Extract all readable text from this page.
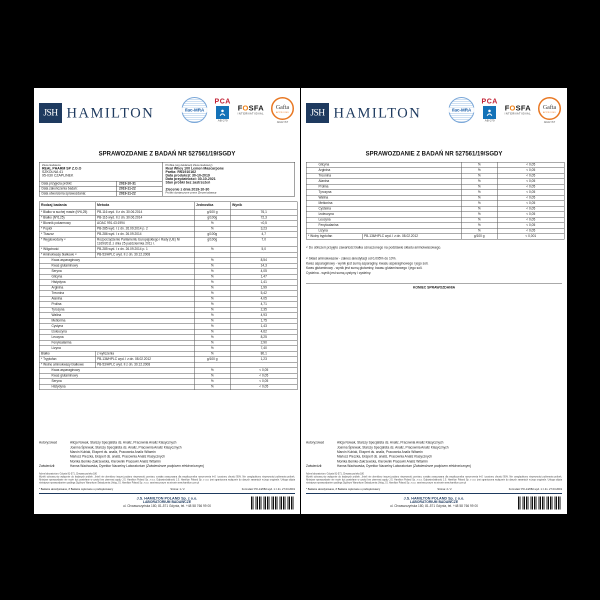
JSH HAMILTON	ilac-MRA
PCA
AB 079
FOSFA
INTERNATIONAL
Gafta
APPROVED
ANALYST
SPRAWOZDANIE Z BADAŃ NR 527561/19/SGDY
Zleceniodawca
REAL PHARM SP Z.O.O
SZKOLNA 41
95-030 CZAPLINEK
Data przyjęcia próbki:	2019-10-31
Data zakończenia badań:	2019-11-22
Data utworzenia sprawozdania:	2019-11-22
Próbka (wg deklaracji Zleceniodawcy)
Real Whey 100 Lemon Mascarpone
Partia: RN1910162
Data produkcji: 30-10-2019
Data przydatności: 30-10-2021
Stan próbki bez zastrzeżeń
Zlecenie z dnia 2019-10-30
Próbki dostarczone przez Zleceniodawcę
Rodzaj badania	Metoda	Jednostka	Wynik
* Białko w suchej masie (N*6,25)	PB-116 wyd. II z dn. 30.06.2014	g/100 g	76,1
* Białko (N*6,25)	PB-116 wyd. II z dn. 30.06.2014	g/100g	72,3
* Błonnik pokarmowy	AOAC 991.43:1994	%	<0,5
* Popiół	PB-285 wyd. I z dn. 26.09.2014 p. 2	%	3,23
* Tłuszcz	PB-286 wyd. I z dn. 26.09.2014	g/100g	4,7
* Węglowodany ¹⁾	Rozporządzenie Parlamentu Europejskiego i Rady (UE) Nr 1169/2011 z dnia 25 października 2011 r.	g/100g	7,0
* Wilgotność	PB-285 wyd. I z dn. 26.09.2014 p. 1	%	5,0
* Aminokwasy białkowe ²⁾	PB-53/HPLC wyd. II z dn. 30.12.2008		
Kwas asparaginowy		%	8,54
Kwas glutaminowy		%	14,3
Seryna		%	4,05
Glicyna		%	1,47
Histydyna		%	1,41
Arginina		%	1,99
Treonina		%	5,42
Alanina		%	4,05
Prolina		%	4,71
Tyrozyna		%	2,35
Walina		%	4,93
Metionina		%	1,75
Cystyna		%	1,43
Izoleucyna		%	4,62
Leucyna		%	8,25
Fenyloalanina		%	2,90
Lizyna		%	7,40
Białko	z wyliczenia	%	80,1
* Tryptofan	PB-136/HPLC wyd. I z dn. 08.02.2012	g/100 g	1,23
* Wolne aminokwasy białkowe	PB-53/HPLC wyd. II z dn. 30.12.2008		
Kwas asparaginowy		%	< 0,05
Kwas glutaminowy		%	< 0,05
Seryna		%	< 0,05
Histydyna		%	< 0,05
Autoryzował:	Alicja Nowak, Starszy Specjalista ds. Analiz, Pracownia Analiz Klasycznych
Joanna Śpiewak, Starszy Specjalista ds. Analiz, Pracownia Analiz Klasycznych
Marcin Kubiak, Ekspert ds. analiz, Pracownia Analiz Witamin
Mariusz Pieczka, Ekspert ds. analiz, Pracownia Analiz Klasycznych
Monika Bemke-Zakrzewska, Kierownik Pracowni Analiz Witamin
Zatwierdził:	Hanna Wachowska, Dyrektor Naczelny Laboratorium (Zatwierdzone podpisem elektronicznym)
Adres laboratorium: Gdynia 81-571, Chwaszczyńska 180
Wyniki odnoszą się wyłącznie do badanych próbek. Jeżeli nie określono inaczej podano niepewność pomiaru; została oszacowana dla współczynnika rozszerzenia k=2 i poziomu ufności 95%. Nie uwzględniono niepewności pobierania próbek. Niniejsze sprawozdanie nie może być powielane w części bez pisemnej zgody J.S. Hamilton Poland Sp. z o.o. Odpowiedzialność J.S. Hamilton Poland Sp. z o.o. jest ograniczona wyłącznie do danych zawartych w jego oryginale. Usługa objęta niniejszym sprawozdaniem podlega Ogólnym Warunkom Świadczenia Usług J.S. Hamilton Poland Sp. z o.o. zamieszczonym na stronie www.hamilton.com.pl
* Badanie akredytowane, # Badanie wykonane u podwykonawcy	Strona: 1 / 2	Formularz PO-14/08d wyd. 1 z dn. 27.03.2019
J.S. HAMILTON POLAND Sp. z o.o.
LABORATORIUM BADAWCZE
ul. Chwaszczyńska 180, 81-571 Gdynia, tel. +48 58 766 99 00
JSH HAMILTON	ilac-MRA
PCA
AB 079
FOSFA
INTERNATIONAL
Gafta
APPROVED
ANALYST
SPRAWOZDANIE Z BADAŃ NR 527561/19/SGDY
Glicyna		%	< 0,05
Arginina		%	< 0,05
Treonina		%	< 0,05
Alanina		%	< 0,05
Prolina		%	< 0,05
Tyrozyna		%	< 0,05
Walina		%	< 0,05
Metionina		%	< 0,05
Cysteina		%	< 0,05
Izoleucyna		%	< 0,05
Leucyna		%	< 0,05
Fenyloalanina		%	< 0,05
Lizyna		%	< 0,05
* Wolny tryptofan	PB-136/HPLC wyd. I z dn. 08.02.2012	g/100 g	< 0,001
¹⁾ Do obliczeń przyjęto zawartość białka oznaczonego na podstawie składu aminokwasowego.
²⁾ Skład aminokwasów - zakres akredytacji od 0,095% do 10%.
Kwas asparaginowy - wynik jest sumą asparaginy, kwasu asparaginowego i jego soli.
Kwas glutaminowy - wynik jest sumą glutaminy, kwasu glutaminowego i jego soli.
Cysteina - wynik jest sumą cystyny i cysteiny.
KONIEC SPRAWOZDANIA
Autoryzował:	Alicja Nowak, Starszy Specjalista ds. Analiz, Pracownia Analiz Klasycznych
Joanna Śpiewak, Starszy Specjalista ds. Analiz, Pracownia Analiz Klasycznych
Marcin Kubiak, Ekspert ds. analiz, Pracownia Analiz Witamin
Mariusz Pieczka, Ekspert ds. analiz, Pracownia Analiz Klasycznych
Monika Bemke-Zakrzewska, Kierownik Pracowni Analiz Witamin
Zatwierdził:	Hanna Wachowska, Dyrektor Naczelny Laboratorium (Zatwierdzone podpisem elektronicznym)
Adres laboratorium: Gdynia 81-571, Chwaszczyńska 180
Wyniki odnoszą się wyłącznie do badanych próbek. Jeżeli nie określono inaczej podano niepewność pomiaru; została oszacowana dla współczynnika rozszerzenia k=2 i poziomu ufności 95%. Nie uwzględniono niepewności pobierania próbek. Niniejsze sprawozdanie nie może być powielane w części bez pisemnej zgody J.S. Hamilton Poland Sp. z o.o. Odpowiedzialność J.S. Hamilton Poland Sp. z o.o. jest ograniczona wyłącznie do danych zawartych w jego oryginale. Usługa objęta niniejszym sprawozdaniem podlega Ogólnym Warunkom Świadczenia Usług J.S. Hamilton Poland Sp. z o.o. zamieszczonym na stronie www.hamilton.com.pl
* Badanie akredytowane, # Badanie wykonane u podwykonawcy	Strona: 2 / 2	Formularz PO-14/08d wyd. 1 z dn. 27.03.2019
J.S. HAMILTON POLAND Sp. z o.o.
LABORATORIUM BADAWCZE
ul. Chwaszczyńska 180, 81-571 Gdynia, tel. +48 58 766 99 00
